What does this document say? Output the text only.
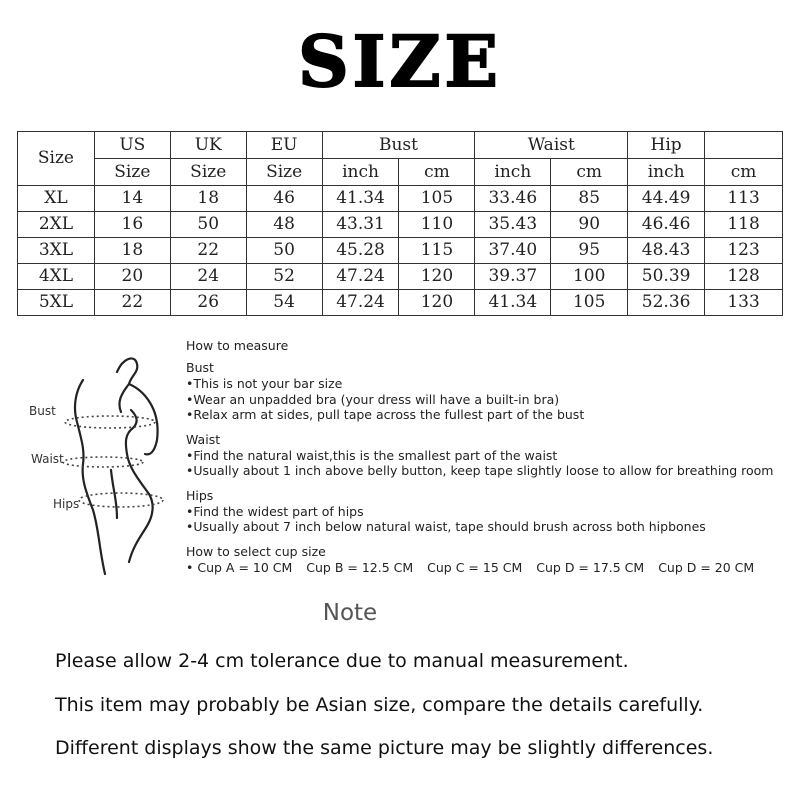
SIZE
Size	US	UK	EU	Bust		Waist		Hip	
	Size	Size	Size	inch	cm	inch	cm	inch	cm
XL	14	18	46	41.34	105	33.46	85	44.49	113
2XL	16	50	48	43.31	110	35.43	90	46.46	118
3XL	18	22	50	45.28	115	37.40	95	48.43	123
4XL	20	24	52	47.24	120	39.37	100	50.39	128
5XL	22	26	54	47.24	120	41.34	105	52.36	133
Bust
Waist
Hips
How to measure
Bust
• This is not your bar size
• Wear an unpadded bra (your dress will have a built-in bra)
• Relax arm at sides, pull tape across the fullest part of the bust
Waist
• Find the natural waist,this is the smallest part of the waist
• Usually about 1 inch above belly button, keep tape slightly loose to allow for breathing room
Hips
• Find the widest part of hips
• Usually about 7 inch below natural waist, tape should brush across both hipbones
How to select cup size
• Cup A = 10 CM Cup B = 12.5 CM Cup C = 15 CM Cup D = 17.5 CM Cup D = 20 CM
Note
Please allow 2-4 cm tolerance due to manual measurement.
This item may probably be Asian size, compare the details carefully.
Different displays show the same picture may be slightly differences.
